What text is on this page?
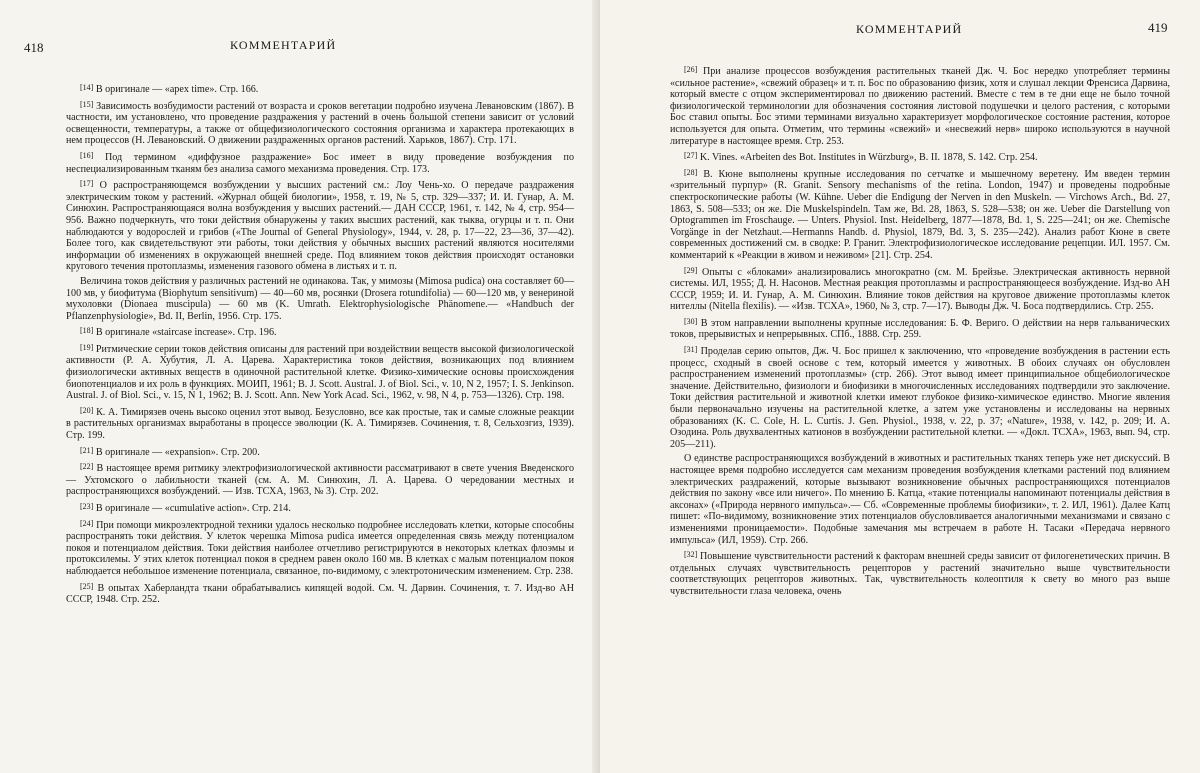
418	КОММЕНТАРИЙ

[14] В оригинале — «apex time». Стр. 166.

[15] Зависимость возбудимости растений от возраста и сроков вегетации подробно изучена Левановским (1867). В частности, им установлено, что проведение раздражения у растений в очень большой степени зависит от условий освещенности, температуры, а также от общефизиологического состояния организма и характера протекающих в нем процессов (Н. Левановский. О движении раздраженных органов растений. Харьков, 1867). Стр. 171.

[16] Под термином «диффузное раздражение» Бос имеет в виду проведение возбуждения по неспециализированным тканям без анализа самого механизма проведения. Стр. 173.

[17] О распространяющемся возбуждении у высших растений см.: Лоу Чень-хо. О передаче раздражения электрическим током у растений. «Журнал общей биологии», 1958, т. 19, № 5, стр. 329—337; И. И. Гунар, А. М. Синюхин. Распространяющаяся волна возбуждения у высших растений.— ДАН СССР, 1961, т. 142, № 4, стр. 954—956. Важно подчеркнуть, что токи действия обнаружены у таких высших растений, как тыква, огурцы и т. п. Они наблюдаются у водорослей и грибов («The Journal of General Physiology», 1944, v. 28, p. 17—22, 23—36, 37—42). Более того, как свидетельствуют эти работы, токи действия у обычных высших растений являются носителями информации об изменениях в окружающей внешней среде. Под влиянием токов действия происходят остановки кругового течения протоплазмы, изменения газового обмена в листьях и т. п.

Величина токов действия у различных растений не одинакова. Так, у мимозы (Mimosa pudica) она составляет 60—100 мв, у биофитума (Biophytum sensitivum) — 40—60 мв, росянки (Drosera rotundifolia) — 60—120 мв, у венериной мухоловки (Dionaea muscipula) — 60 мв (K. Umrath. Elektrophysiologische Phänomene.— «Handbuch der Pflanzenphysiologie», Bd. II, Berlin, 1956. Стр. 175.

[18] В оригинале «staircase increase». Стр. 196.

[19] Ритмические серии токов действия описаны для растений при воздействии веществ высокой физиологической активности (Р. А. Хубутия, Л. А. Царева. Характеристика токов действия, возникающих под влиянием физиологически активных веществ в одиночной растительной клетке. Физико-химические основы происхождения биопотенциалов и их роль в функциях. МОИП, 1961; B. J. Scott. Austral. J. of Biol. Sci., v. 10, N 2, 1957; I. S. Jenkinson. Austral. J. of Biol. Sci., v. 15, N 1, 1962; B. J. Scott. Ann. New York Acad. Sci., 1962, v. 98, N 4, p. 753—1326). Стр. 198.

[20] К. А. Тимирязев очень высоко оценил этот вывод. Безусловно, все как простые, так и самые сложные реакции в растительных организмах выработаны в процессе эволюции (К. А. Тимирязев. Сочинения, т. 8, Сельхозгиз, 1939). Стр. 199.

[21] В оригинале — «expansion». Стр. 200.

[22] В настоящее время ритмику электрофизиологической активности рассматривают в свете учения Введенского — Ухтомского о лабильности тканей (см. А. М. Синюхин, Л. А. Царева. О чередовании местных и распространяющихся возбуждений. — Изв. ТСХА, 1963, № 3). Стр. 202.

[23] В оригинале — «cumulative action». Стр. 214.

[24] При помощи микроэлектродной техники удалось несколько подробнее исследовать клетки, которые способны распространять токи действия. У клеток черешка Mimosa pudica имеется определенная связь между потенциалом покоя и потенциалом действия. Токи действия наиболее отчетливо регистрируются в некоторых клетках флоэмы и протоксилемы. У этих клеток потенциал покоя в среднем равен около 160 мв. В клетках с малым потенциалом покоя наблюдается небольшое изменение потенциала, связанное, по-видимому, с электротоническим изменением. Стр. 238.

[25] В опытах Хаберландта ткани обрабатывались кипящей водой. См. Ч. Дарвин. Сочинения, т. 7. Изд-во АН СССР, 1948. Стр. 252.

КОММЕНТАРИЙ	419

[26] При анализе процессов возбуждения растительных тканей Дж. Ч. Бос нередко употребляет термины «сильное растение», «свежий образец» и т. п. Бос по образованию физик, хотя и слушал лекции Френсиса Дарвина, который вместе с отцом экспериментировал по движению растений. Вместе с тем в те дни еще не было точной физиологической терминологии для обозначения состояния листовой подушечки и целого растения, с которыми Бос ставил опыты. Бос этими терминами визуально характеризует морфологическое состояние растения, которое используется для опыта. Отметим, что термины «свежий» и «несвежий нерв» широко используются в научной литературе в настоящее время. Стр. 253.

[27] K. Vines. «Arbeiten des Bot. Institutes in Würzburg», B. II. 1878, S. 142. Стр. 254.

[28] В. Кюне выполнены крупные исследования по сетчатке и мышечному веретену. Им введен термин «зрительный пурпур» (R. Granit. Sensory mechanisms of the retina. London, 1947) и проведены подробные спектроскопические работы (W. Kühne. Ueber die Endigung der Nerven in den Muskeln. — Virchows Arch., Bd. 27, 1863, S. 508—533; он же. Die Muskelspindeln. Там же, Bd. 28, 1863, S. 528—538; он же. Ueber die Darstellung von Optogrammen im Froschauge. — Unters. Physiol. Inst. Heidelberg, 1877—1878, Bd. 1, S. 225—241; он же. Chemische Vorgänge in der Netzhaut.—Hermanns Handb. d. Physiol, 1879, Bd. 3, S. 235—242). Анализ работ Кюне в свете современных достижений см. в сводке: Р. Гранит. Электрофизиологическое исследование рецепции. ИЛ. 1957. См. комментарий к «Реакции в живом и неживом» [21]. Стр. 254.

[29] Опыты с «блоками» анализировались многократно (см. М. Брейзье. Электрическая активность нервной системы. ИЛ, 1955; Д. Н. Насонов. Местная реакция протоплазмы и распространяющееся возбуждение. Изд-во АН СССР, 1959; И. И. Гунар, А. М. Синюхин. Влияние токов действия на круговое движение протоплазмы клеток нителлы (Nitella flexilis). — «Изв. ТСХА», 1960, № 3, стр. 7—17). Выводы Дж. Ч. Боса подтвердились. Стр. 255.

[30] В этом направлении выполнены крупные исследования: Б. Ф. Вериго. О действии на нерв гальванических токов, прерывистых и непрерывных. СПб., 1888. Стр. 259.

[31] Проделав серию опытов, Дж. Ч. Бос пришел к заключению, что «проведение возбуждения в растении есть процесс, сходный в своей основе с тем, который имеется у животных. В обоих случаях он обусловлен распространением изменений протоплазмы» (стр. 266). Этот вывод имеет принципиальное общебиологическое значение. Действительно, физиологи и биофизики в многочисленных исследованиях подтвердили это заключение. Токи действия растительной и животной клетки имеют глубокое физико-химическое единство. Многие явления были первоначально изучены на растительной клетке, а затем уже установлены и исследованы на нервных образованиях (K. C. Cole, H. L. Curtis. J. Gen. Physiol., 1938, v. 22, p. 37; «Nature», 1938, v. 142, p. 209; И. А. Озодина. Роль двухвалентных катионов в возбуждении растительной клетки. — «Докл. ТСХА», 1963, вып. 94, стр. 205—211).

О единстве распространяющихся возбуждений в животных и растительных тканях теперь уже нет дискуссий. В настоящее время подробно исследуется сам механизм проведения возбуждения клетками растений под влиянием электрических раздражений, которые вызывают возникновение обычных распространяющихся потенциалов действия по закону «все или ничего». По мнению Б. Катца, «такие потенциалы напоминают потенциалы действия в аксонах» («Природа нервного импульса».— Сб. «Современные проблемы биофизики», т. 2. ИЛ, 1961). Далее Катц пишет: «По-видимому, возникновение этих потенциалов обусловливается аналогичными механизмами и связано с изменениями проницаемости». Подобные замечания мы встречаем в работе Н. Тасаки «Передача нервного импульса» (ИЛ, 1959). Стр. 266.

[32] Повышение чувствительности растений к факторам внешней среды зависит от филогенетических причин. В отдельных случаях чувствительность рецепторов у растений значительно выше чувствительности соответствующих рецепторов животных. Так, чувствительность колеоптиля к свету во много раз выше чувствительности глаза человека, очень
